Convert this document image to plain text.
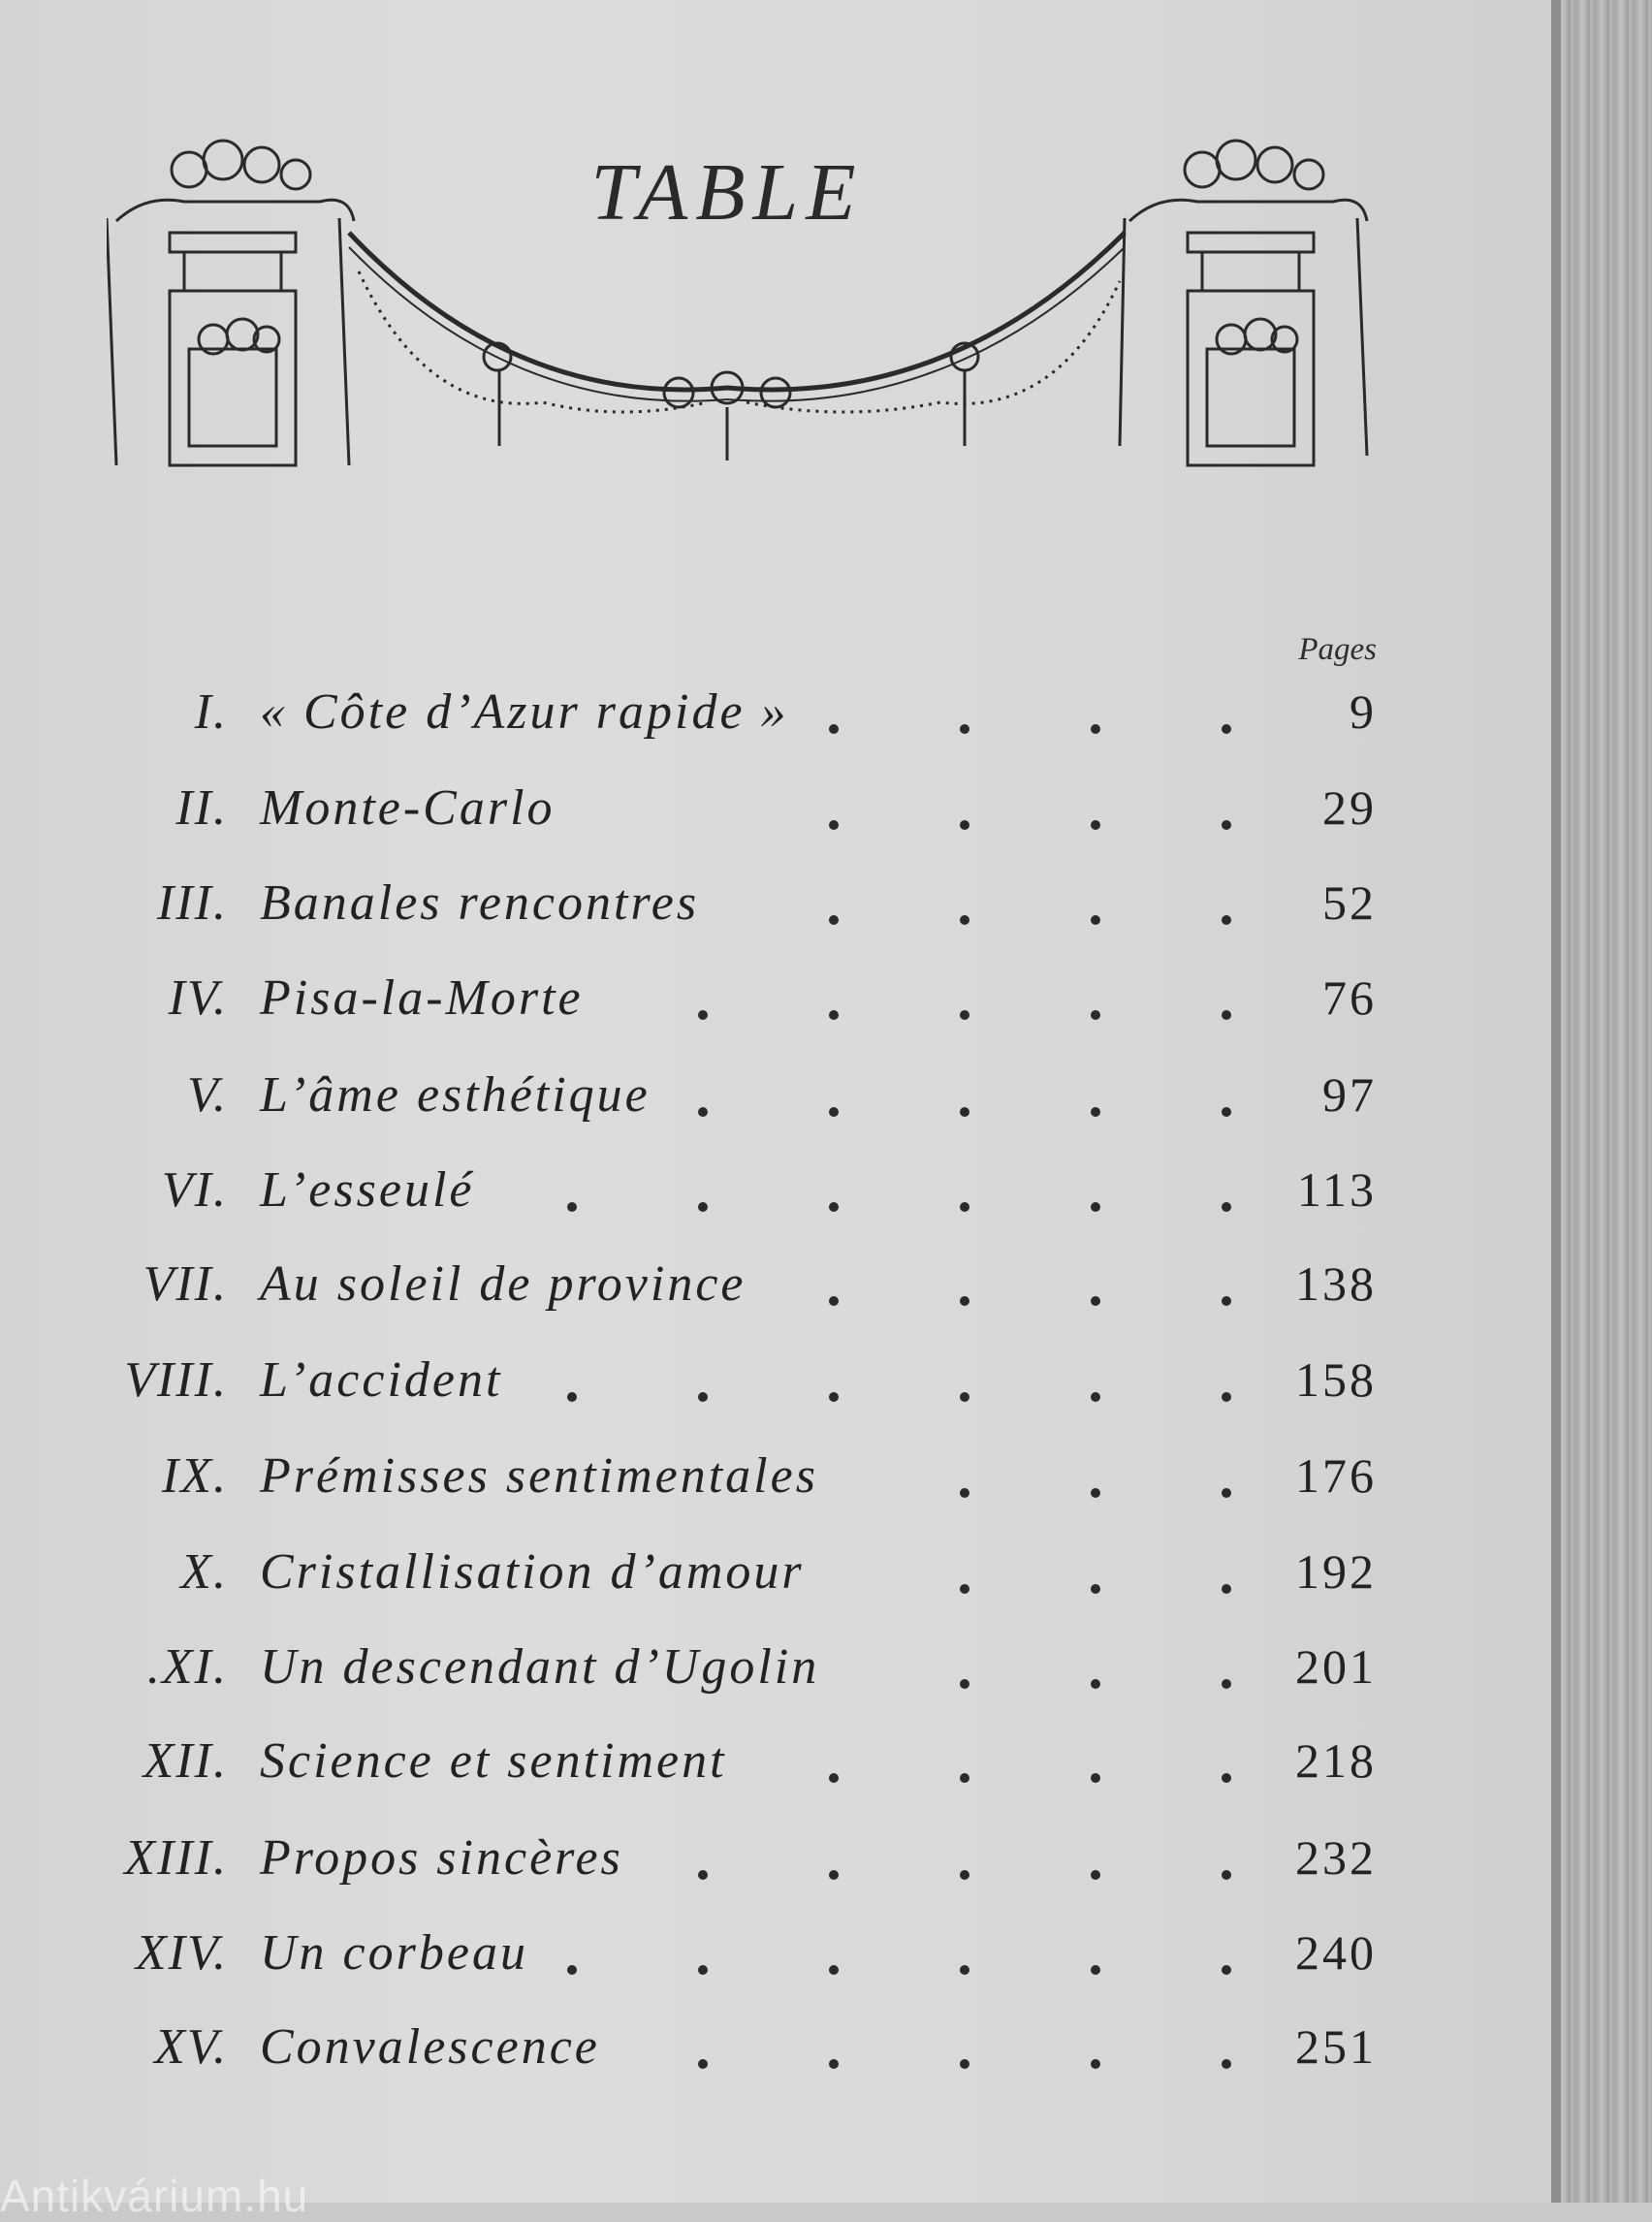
TABLE
Pages
I. « Côte d’Azur rapide »	9
II. Monte-Carlo	29
III. Banales rencontres	52
IV. Pisa-la-Morte	76
V. L’âme esthétique	97
VI. L’esseulé	113
VII. Au soleil de province	138
VIII. L’accident	158
IX. Prémisses sentimentales	176
X. Cristallisation d’amour	192
.XI. Un descendant d’Ugolin	201
XII. Science et sentiment	218
XIII. Propos sincères	232
XIV. Un corbeau	240
XV. Convalescence	251
Antikvárium.hu
